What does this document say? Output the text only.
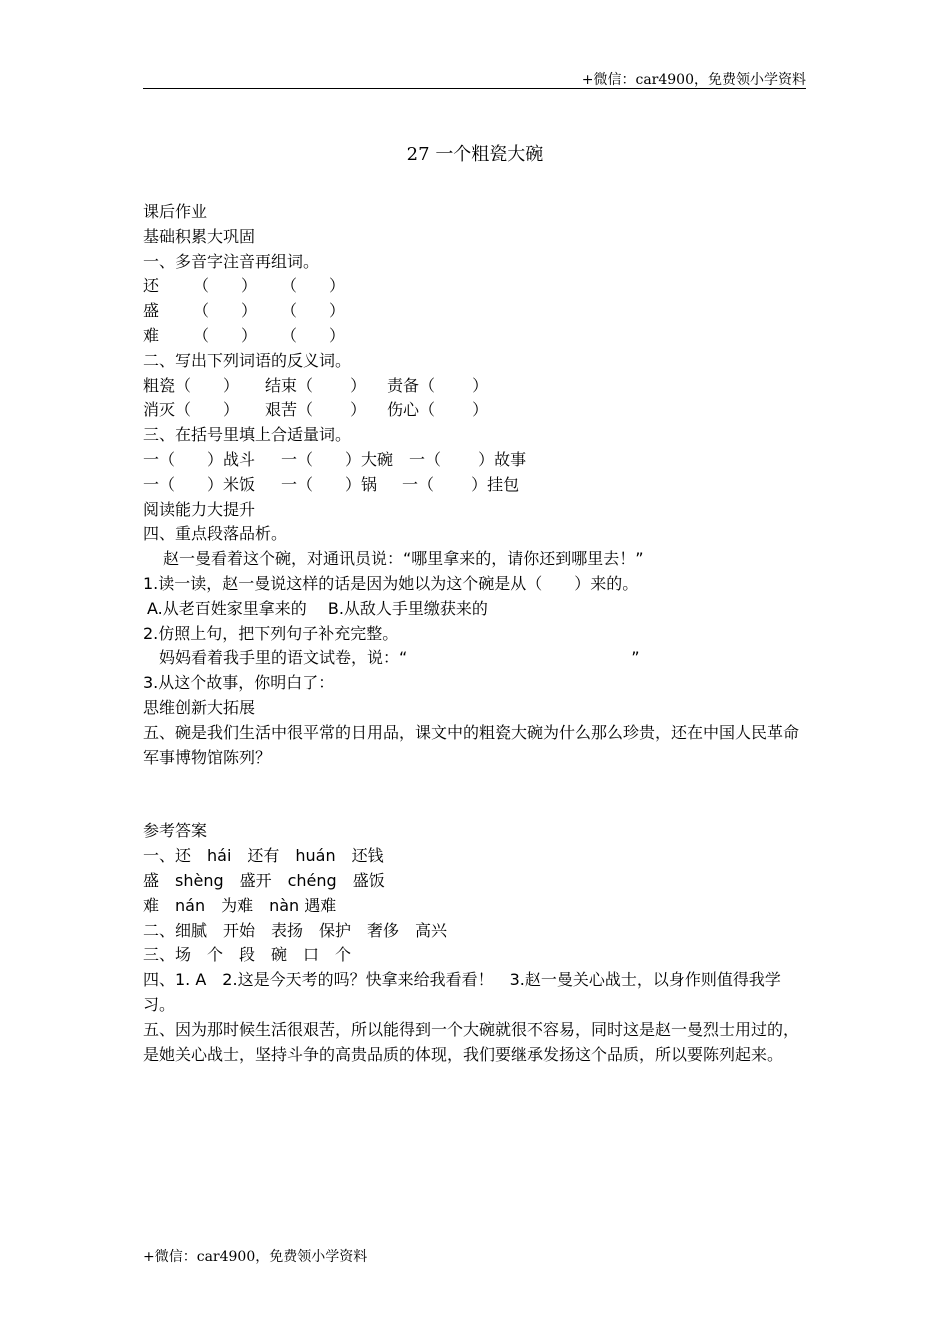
+微信：car4900，免费领小学资料
27 一个粗瓷大碗
课后作业
基础积累大巩固
一、多音字注音再组词。

还

（　　）

（　　）

盛

（　　）

（　　）

难

（　　）

（　　）

二、写出下列词语的反义词。

粗瓷（　　）

结束（　　 ）

责备（　　 ）

消灭（　　）

艰苦（　　 ）

伤心（　　 ）

三、在括号里填上合适量词。

一（　　）战斗

一（　　）大碗

一（　　 ）故事

一（　　）米饭

一（　　）锅

一（　　 ）挂包

阅读能力大提升
四、重点段落品析。
赵一曼看着这个碗，对通讯员说：“哪里拿来的，请你还到哪里去！”
1.读一读，赵一曼说这样的话是因为她以为这个碗是从（　　）来的。
A.从老百姓家里拿来的　 B.从敌人手里缴获来的
2.仿照上句，把下列句子补充完整。
妈妈看着我手里的语文试卷，说：“　　　　　　　　　　　　　　”
3.从这个故事，你明白了：
思维创新大拓展
五、碗是我们生活中很平常的日用品，课文中的粗瓷大碗为什么那么珍贵，还在中国人民革命军事博物馆陈列？
参考答案
一、还　hái　还有　huán　还钱
盛　shèng　盛开　chéng　盛饭
难　nán　为难　nàn 遇难
二、细腻　开始　表扬　保护　奢侈　高兴
三、场　个　段　碗　口　个
四、1. A　2.这是今天考的吗？快拿来给我看看！　3.赵一曼关心战士，以身作则值得我学习。
五、因为那时候生活很艰苦，所以能得到一个大碗就很不容易，同时这是赵一曼烈士用过的，是她关心战士，坚持斗争的高贵品质的体现，我们要继承发扬这个品质，所以要陈列起来。
+微信：car4900，免费领小学资料
